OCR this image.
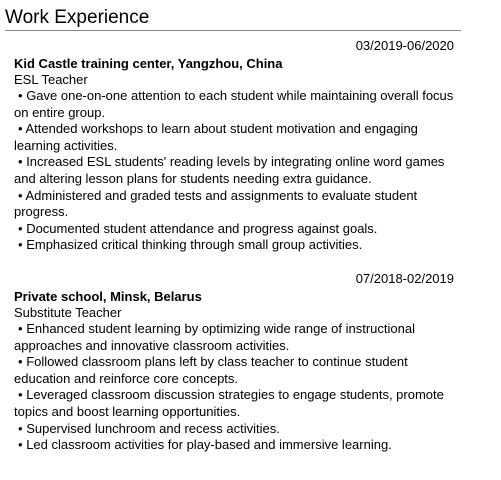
Work Experience
03/2019-06/2020
Kid Castle training center, Yangzhou, China
ESL Teacher
• Gave one-on-one attention to each student while maintaining overall focus on entire group.
• Attended workshops to learn about student motivation and engaging learning activities.
• Increased ESL students' reading levels by integrating online word games and altering lesson plans for students needing extra guidance.
• Administered and graded tests and assignments to evaluate student progress.
• Documented student attendance and progress against goals.
• Emphasized critical thinking through small group activities.
07/2018-02/2019
Private school, Minsk, Belarus
Substitute Teacher
• Enhanced student learning by optimizing wide range of instructional approaches and innovative classroom activities.
• Followed classroom plans left by class teacher to continue student education and reinforce core concepts.
• Leveraged classroom discussion strategies to engage students, promote topics and boost learning opportunities.
• Supervised lunchroom and recess activities.
• Led classroom activities for play-based and immersive learning.
